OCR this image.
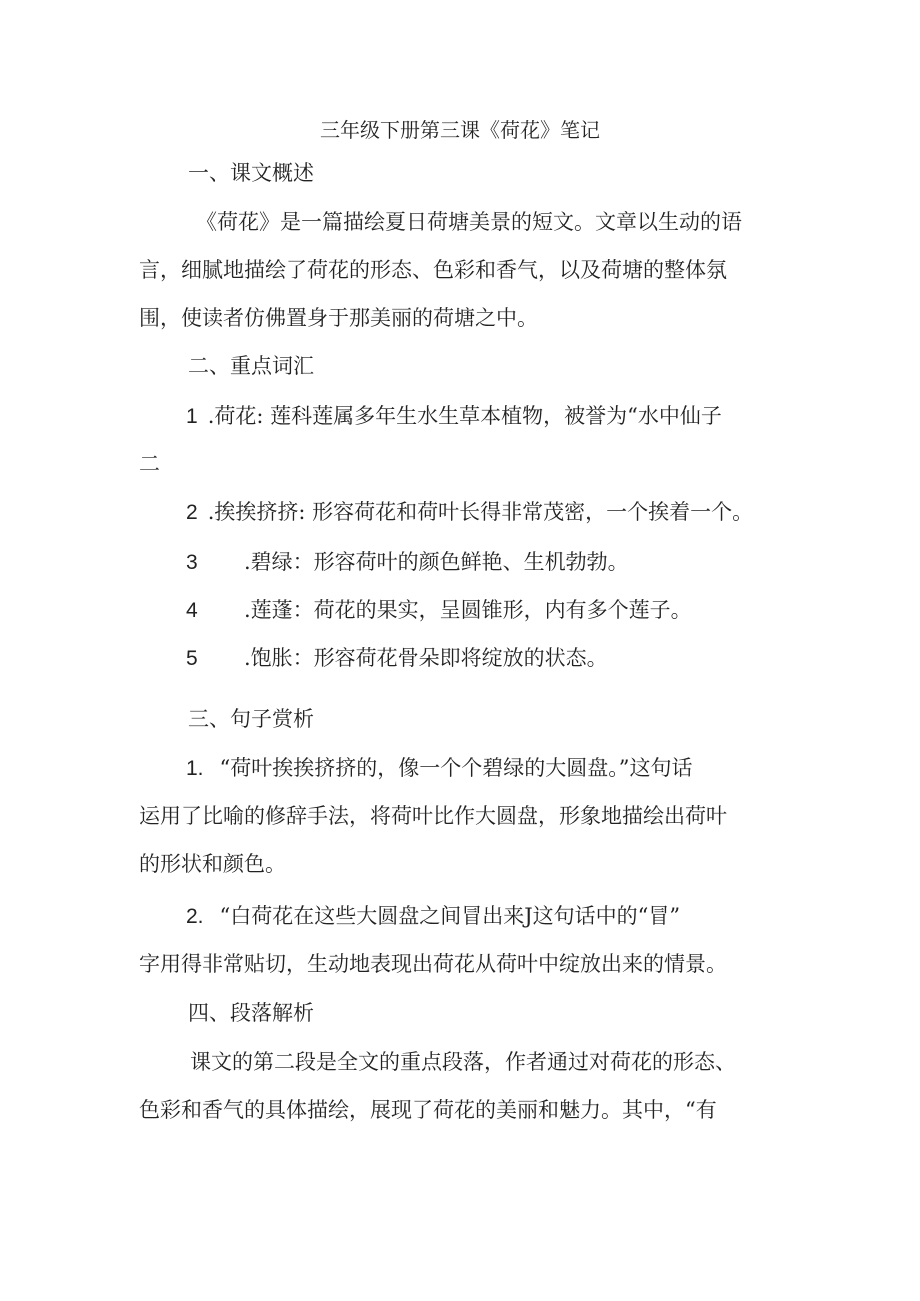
三年级下册第三课《荷花》笔记
一、课文概述
《荷花》是一篇描绘夏日荷塘美景的短文。文章以生动的语
言，细腻地描绘了荷花的形态、色彩和香气，以及荷塘的整体氛
围，使读者仿佛置身于那美丽的荷塘之中。
二、重点词汇
1 .荷花: 莲科莲属多年生水生草本植物，被誉为“水中仙子
二
2 .挨挨挤挤: 形容荷花和荷叶长得非常茂密，一个挨着一个。
3 .碧绿：形容荷叶的颜色鲜艳、生机勃勃。
4 .莲蓬：荷花的果实，呈圆锥形，内有多个莲子。
5 .饱胀：形容荷花骨朵即将绽放的状态。
三、句子赏析
1. “荷叶挨挨挤挤的，像一个个碧绿的大圆盘。”这句话
运用了比喻的修辞手法，将荷叶比作大圆盘，形象地描绘出荷叶
的形状和颜色。
2. “白荷花在这些大圆盘之间冒出来J这句话中的“冒”
字用得非常贴切，生动地表现出荷花从荷叶中绽放出来的情景。
四、段落解析
课文的第二段是全文的重点段落，作者通过对荷花的形态、
色彩和香气的具体描绘，展现了荷花的美丽和魅力。其中，“有
